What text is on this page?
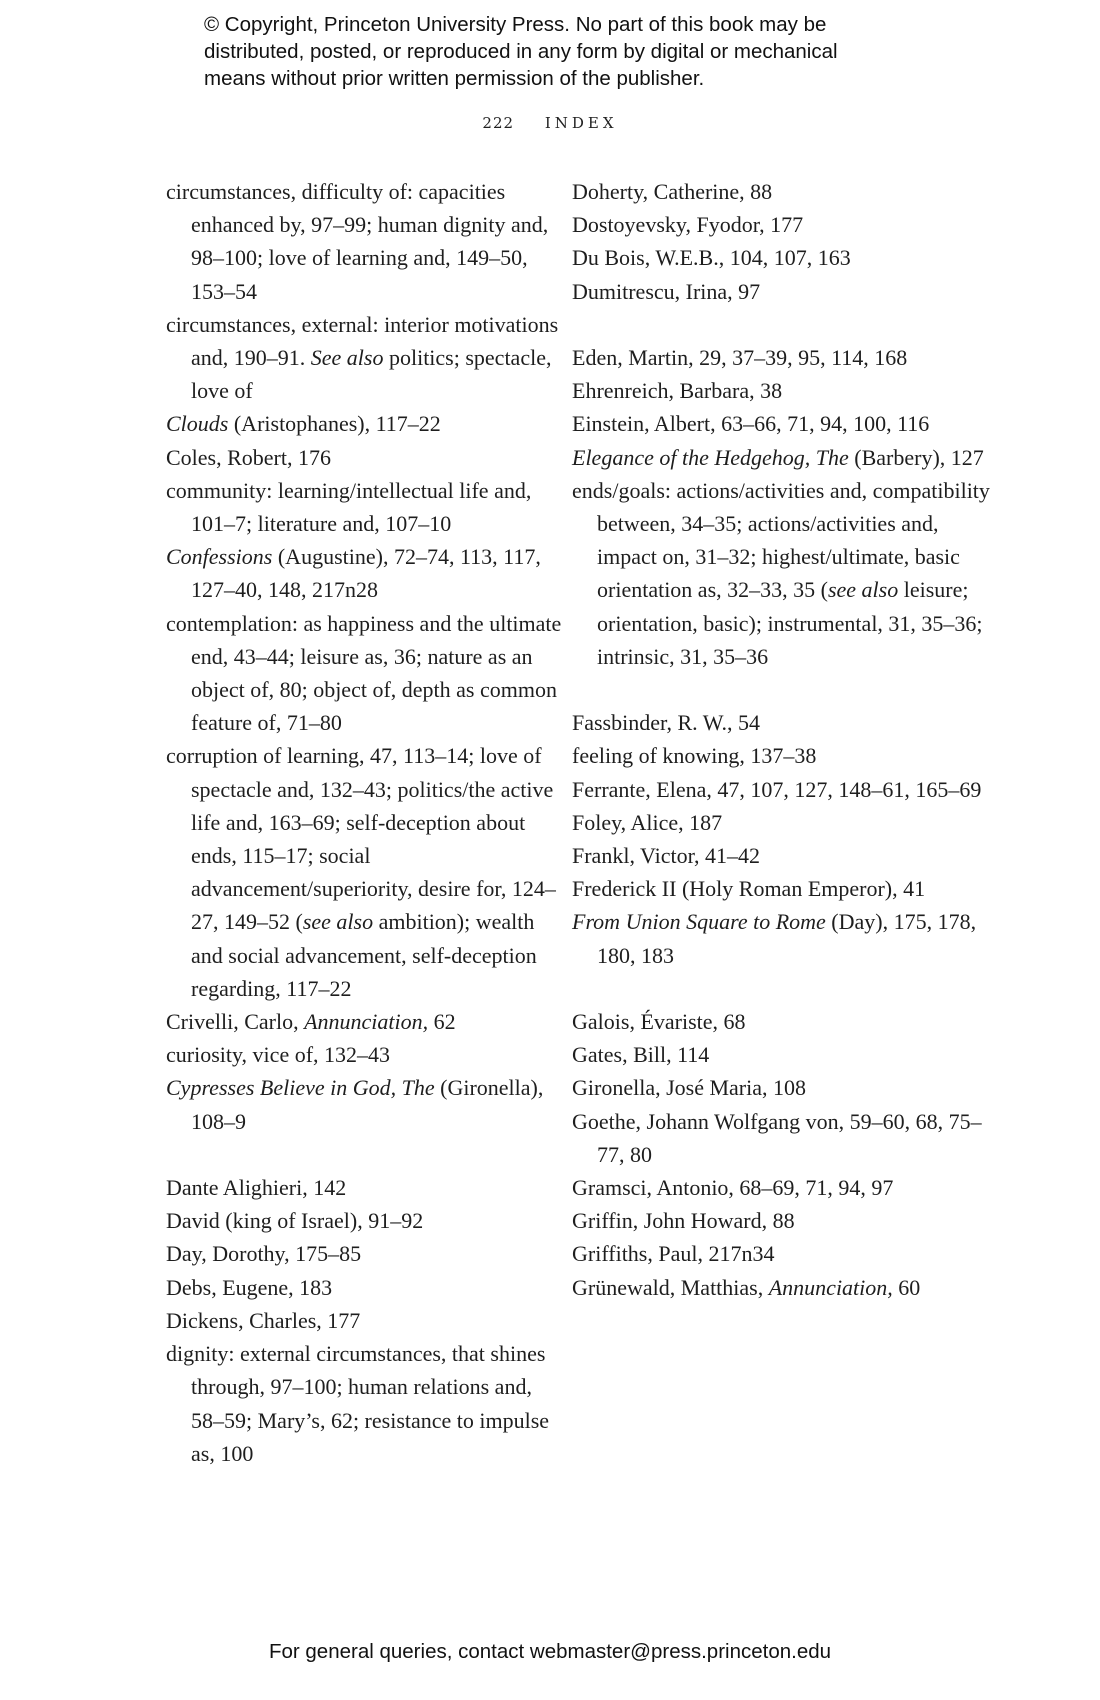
© Copyright, Princeton University Press. No part of this book may be
distributed, posted, or reproduced in any form by digital or mechanical
means without prior written permission of the publisher.
222 INDEX

circumstances, difficulty of: capacities enhanced by, 97–99; human dignity and, 98–100; love of learning and, 149–50, 153–54

circumstances, external: interior motivations and, 190–91. See also politics; spectacle, love of

Clouds (Aristophanes), 117–22

Coles, Robert, 176

community: learning/intellectual life and, 101–7; literature and, 107–10

Confessions (Augustine), 72–74, 113, 117, 127–40, 148, 217n28

contemplation: as happiness and the ultimate end, 43–44; leisure as, 36; nature as an object of, 80; object of, depth as common feature of, 71–80

corruption of learning, 47, 113–14; love of spectacle and, 132–43; politics/the active life and, 163–69; self-deception about ends, 115–17; social advancement/superiority, desire for, 124–27, 149–52 (see also ambition); wealth and social advancement, self-deception regarding, 117–22

Crivelli, Carlo, Annunciation, 62

curiosity, vice of, 132–43

Cypresses Believe in God, The (Gironella), 108–9

Dante Alighieri, 142

David (king of Israel), 91–92

Day, Dorothy, 175–85

Debs, Eugene, 183

Dickens, Charles, 177

dignity: external circumstances, that shines through, 97–100; human relations and, 58–59; Mary’s, 62; resistance to impulse as, 100

Doherty, Catherine, 88

Dostoyevsky, Fyodor, 177

Du Bois, W.E.B., 104, 107, 163

Dumitrescu, Irina, 97

Eden, Martin, 29, 37–39, 95, 114, 168

Ehrenreich, Barbara, 38

Einstein, Albert, 63–66, 71, 94, 100, 116

Elegance of the Hedgehog, The (Barbery), 127

ends/goals: actions/activities and, compatibility between, 34–35; actions/activities and, impact on, 31–32; highest/ultimate, basic orientation as, 32–33, 35 (see also leisure; orientation, basic); instrumental, 31, 35–36; intrinsic, 31, 35–36

Fassbinder, R. W., 54

feeling of knowing, 137–38

Ferrante, Elena, 47, 107, 127, 148–61, 165–69

Foley, Alice, 187

Frankl, Victor, 41–42

Frederick II (Holy Roman Emperor), 41

From Union Square to Rome (Day), 175, 178, 180, 183

Galois, Évariste, 68

Gates, Bill, 114

Gironella, José Maria, 108

Goethe, Johann Wolfgang von, 59–60, 68, 75–77, 80

Gramsci, Antonio, 68–69, 71, 94, 97

Griffin, John Howard, 88

Griffiths, Paul, 217n34

Grünewald, Matthias, Annunciation, 60

For general queries, contact webmaster@press.princeton.edu
